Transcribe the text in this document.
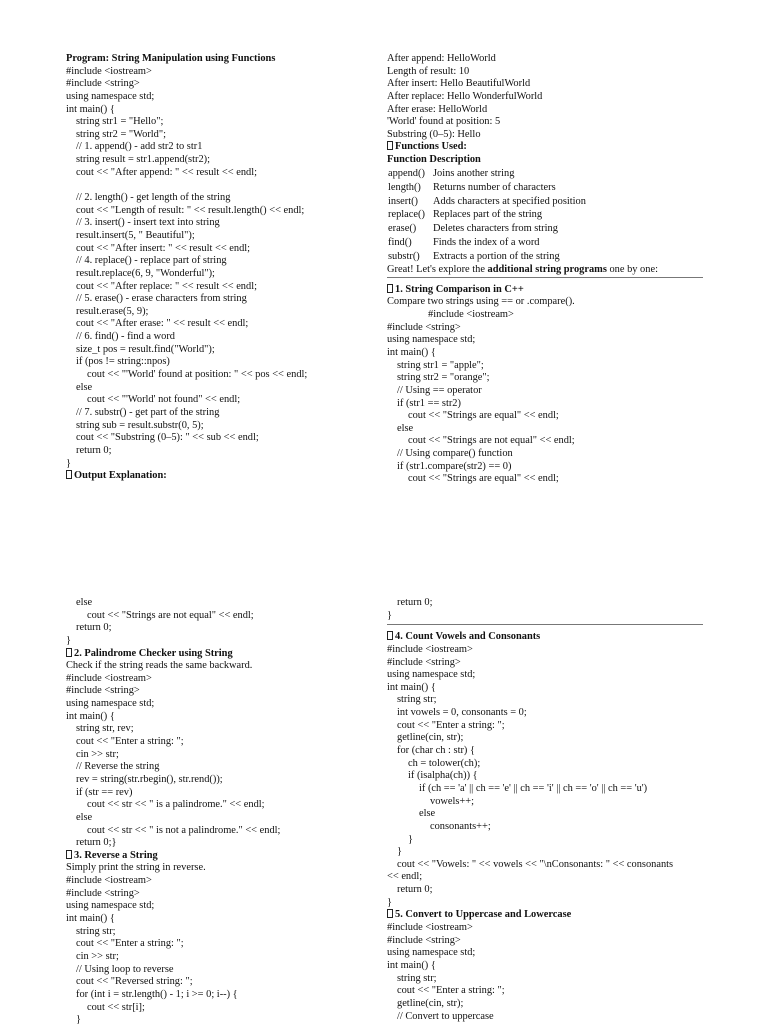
Program: String Manipulation using Functions
#include <iostream>
#include <string>
using namespace std;
int main() {
string str1 = "Hello";
string str2 = "World";
// 1. append() - add str2 to str1
string result = str1.append(str2);
cout << "After append: " << result << endl;
// 2. length() - get length of the string
cout << "Length of result: " << result.length() << endl;
// 3. insert() - insert text into string
result.insert(5, " Beautiful");
cout << "After insert: " << result << endl;
// 4. replace() - replace part of string
result.replace(6, 9, "Wonderful");
cout << "After replace: " << result << endl;
// 5. erase() - erase characters from string
result.erase(5, 9);
cout << "After erase: " << result << endl;
// 6. find() - find a word
size_t pos = result.find("World");
if (pos != string::npos)
cout << "'World' found at position: " << pos << endl;
else
cout << "'World' not found" << endl;
// 7. substr() - get part of the string
string sub = result.substr(0, 5);
cout << "Substring (0–5): " << sub << endl;
return 0;
}
Output Explanation:
After append: HelloWorld
Length of result: 10
After insert: Hello BeautifulWorld
After replace: Hello WonderfulWorld
After erase: HelloWorld
'World' found at position: 5
Substring (0–5): Hello
Functions Used:
Function Description
append()	Joins another string
length()	Returns number of characters
insert()	Adds characters at specified position
replace()	Replaces part of the string
erase()	Deletes characters from string
find()	Finds the index of a word
substr()	Extracts a portion of the string
Great! Let's explore the additional string programs one by one:
1. String Comparison in C++
Compare two strings using == or .compare().
#include <iostream>
#include <string>
using namespace std;
int main() {
string str1 = "apple";
string str2 = "orange";
// Using == operator
if (str1 == str2)
cout << "Strings are equal" << endl;
else
cout << "Strings are not equal" << endl;
// Using compare() function
if (str1.compare(str2) == 0)
cout << "Strings are equal" << endl;
else
cout << "Strings are not equal" << endl;
return 0;
}
2. Palindrome Checker using String
Check if the string reads the same backward.
#include <iostream>
#include <string>
using namespace std;
int main() {
string str, rev;
cout << "Enter a string: ";
cin >> str;
// Reverse the string
rev = string(str.rbegin(), str.rend());
if (str == rev)
cout << str << " is a palindrome." << endl;
else
cout << str << " is not a palindrome." << endl;
return 0;}
3. Reverse a String
Simply print the string in reverse.
#include <iostream>
#include <string>
using namespace std;
int main() {
string str;
cout << "Enter a string: ";
cin >> str;
// Using loop to reverse
cout << "Reversed string: ";
for (int i = str.length() - 1; i >= 0; i--) {
cout << str[i];
}
return 0;
}
4. Count Vowels and Consonants
#include <iostream>
#include <string>
using namespace std;
int main() {
string str;
int vowels = 0, consonants = 0;
cout << "Enter a string: ";
getline(cin, str);
for (char ch : str) {
ch = tolower(ch);
if (isalpha(ch)) {
if (ch == 'a' || ch == 'e' || ch == 'i' || ch == 'o' || ch == 'u')
vowels++;
else
consonants++;
}
}
cout << "Vowels: " << vowels << "\nConsonants: " << consonants
<< endl;
return 0;
}
5. Convert to Uppercase and Lowercase
#include <iostream>
#include <string>
using namespace std;
int main() {
string str;
cout << "Enter a string: ";
getline(cin, str);
// Convert to uppercase
